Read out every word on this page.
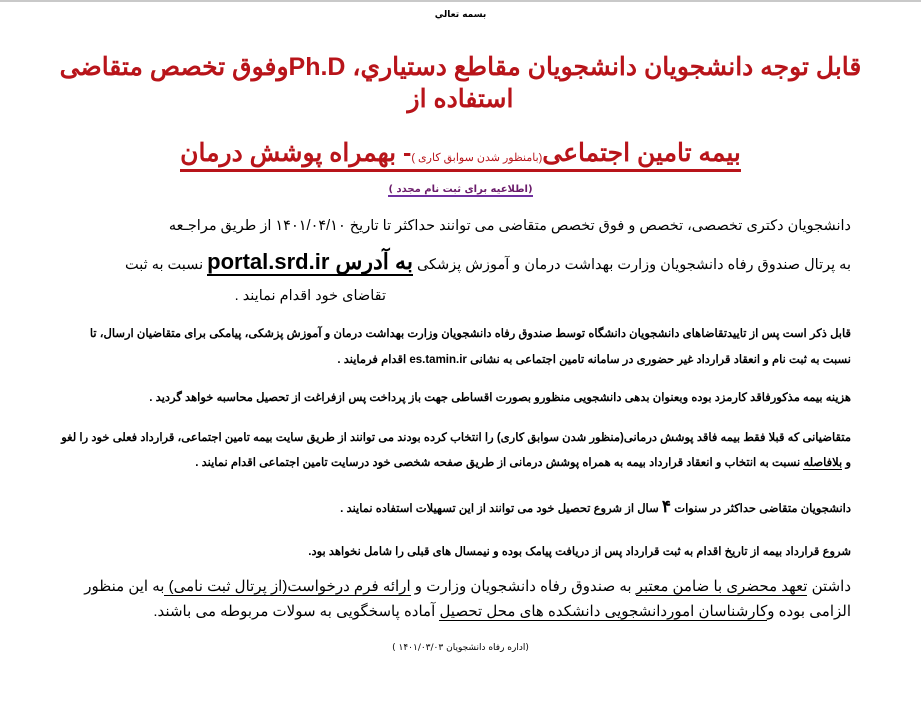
بسمه تعالي
قابل توجه دانشجویان دانشجویان مقاطع دستیاري، Ph.Dوفوق تخصص متقاضی
استفاده از
بیمه تامین اجتماعی(بامنظور شدن سوابق کاری )- بهمراه پوشش درمان
(اطلاعیه برای ثبت نام مجدد )
دانشجویان دکتری تخصصی، تخصص و فوق تخصص متقاضی می توانند حداکثر تا تاریخ ۱۴۰۱/۰۴/۱۰ از طریق مراجـعه
به پرتال صندوق رفاه دانشجویان وزارت بهداشت درمان و آموزش پزشکی به آدرس portal.srd.ir نسبت به ثبت
تقاضای خود اقدام نمایند .
قابل ذکر است پس از تاییدتقاضاهای دانشجویان دانشگاه توسط صندوق رفاه دانشجویان وزارت بهداشت درمان و آموزش پزشکی، پیامکی برای متقاضیان ارسال، تا
نسبت به ثبت نام و انعقاد قرارداد غیر حضوری در سامانه تامین اجتماعی به نشانی es.tamin.ir اقدام فرمایند .
هزینه بیمه مذکورفاقد کارمزد بوده وبعنوان بدهی دانشجویی منظورو بصورت اقساطی جهت باز پرداخت پس ازفراغت از تحصیل محاسبه خواهد گردید .
متقاضیانی که قبلا فقط بیمه فاقد پوشش درمانی(منظور شدن سوابق کاری) را انتخاب کرده بودند می توانند از طریق سایت بیمه تامین اجتماعی، قرارداد فعلی خود را لغو
و بلافاصله نسبت به انتخاب و انعقاد قرارداد بیمه به همراه پوشش درمانی از طریق صفحه شخصی خود درسایت تامین اجتماعی اقدام نمایند .
دانشجویان متقاضی حداکثر در سنوات ۴ سال از شروع تحصیل خود می توانند از این تسهیلات استفاده نمایند .
شروع قرارداد بیمه از تاریخ اقدام به ثبت قرارداد پس از دریافت پیامک بوده و نیمسال های قبلی را شامل نخواهد بود.
داشتن تعهد محضری با ضامن معتبر به صندوق رفاه دانشجویان وزارت و ارائه فرم درخواست(از پرتال ثبت نامی) به این منظور
الزامی بوده وکارشناسان اموردانشجویی دانشکده های محل تحصیل آماده پاسخگویی به سولات مربوطه می باشند.
(اداره رفاه دانشجویان ۱۴۰۱/۰۳/۰۳ )
